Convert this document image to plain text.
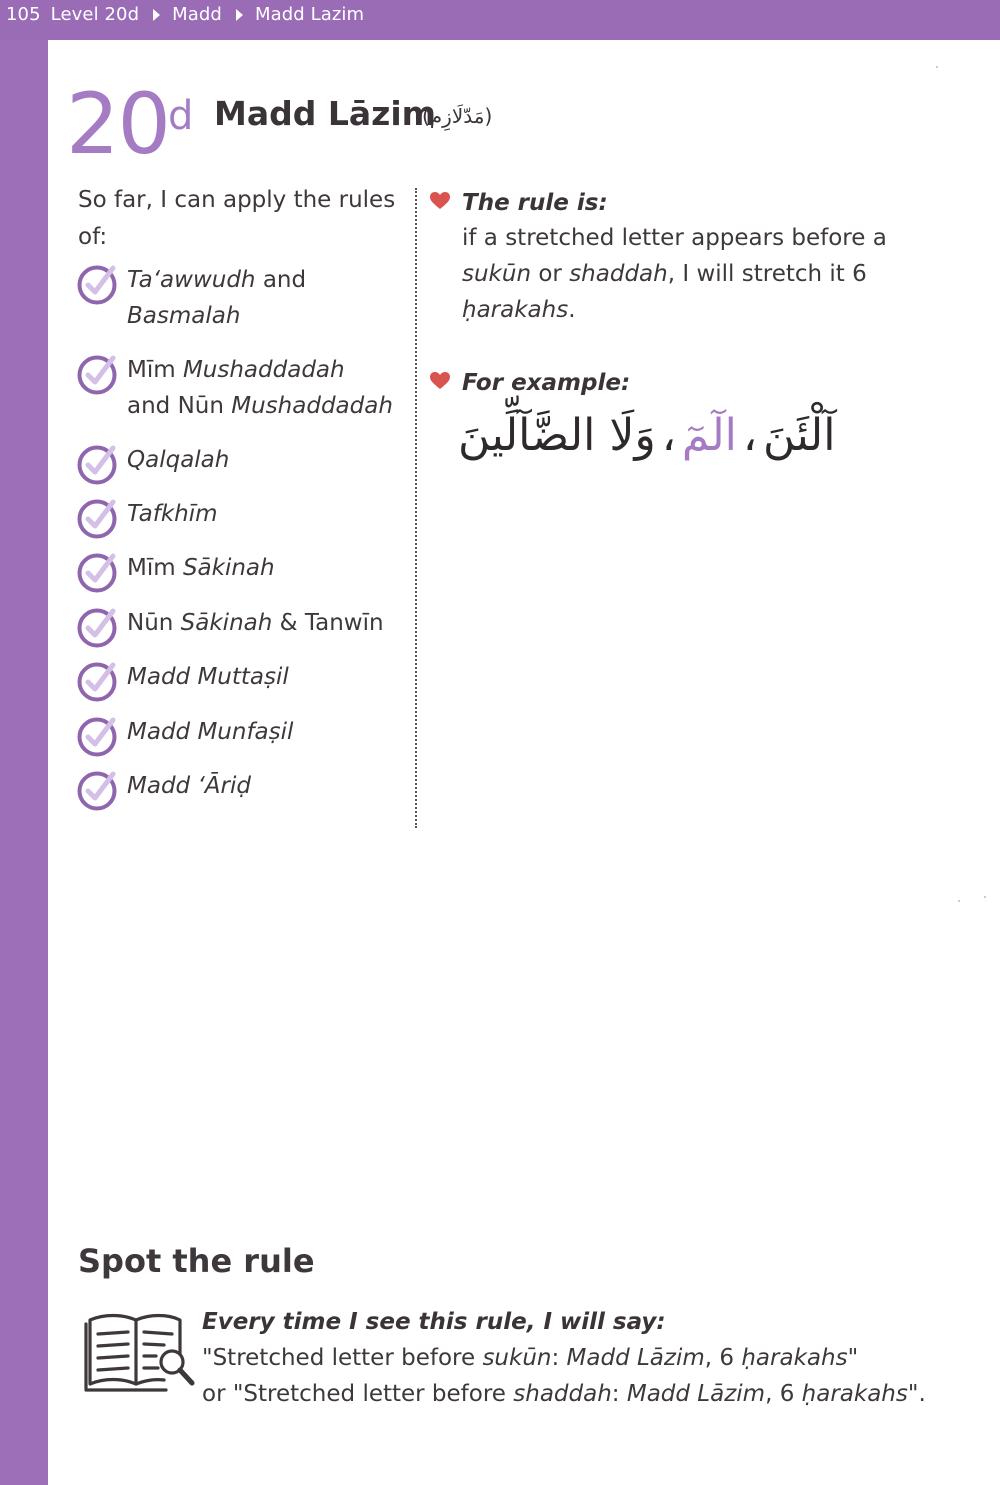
105 Level 20d Madd Madd Lazim
20 d Madd Lāzim
(مَدّلَازِم)
So far, I can apply the rules of:
Ta‘awwudh and Basmalah
Mīm Mushaddadah and Nūn Mushaddadah
Qalqalah
Tafkhīm
Mīm Sākinah
Nūn Sākinah & Tanwīn
Madd Muttaṣil
Madd Munfaṣil
Madd ‘Āriḍ
The rule is:
if a stretched letter appears before a sukūn or shaddah, I will stretch it 6 ḥarakahs.
For example:
آلْئَنَ،الٓمٓ،وَلَا الضَّآلِّينَ
Spot the rule
Every time I see this rule, I will say:
"Stretched letter before sukūn: Madd Lāzim, 6 ḥarakahs"
or "Stretched letter before shaddah: Madd Lāzim, 6 ḥarakahs".
